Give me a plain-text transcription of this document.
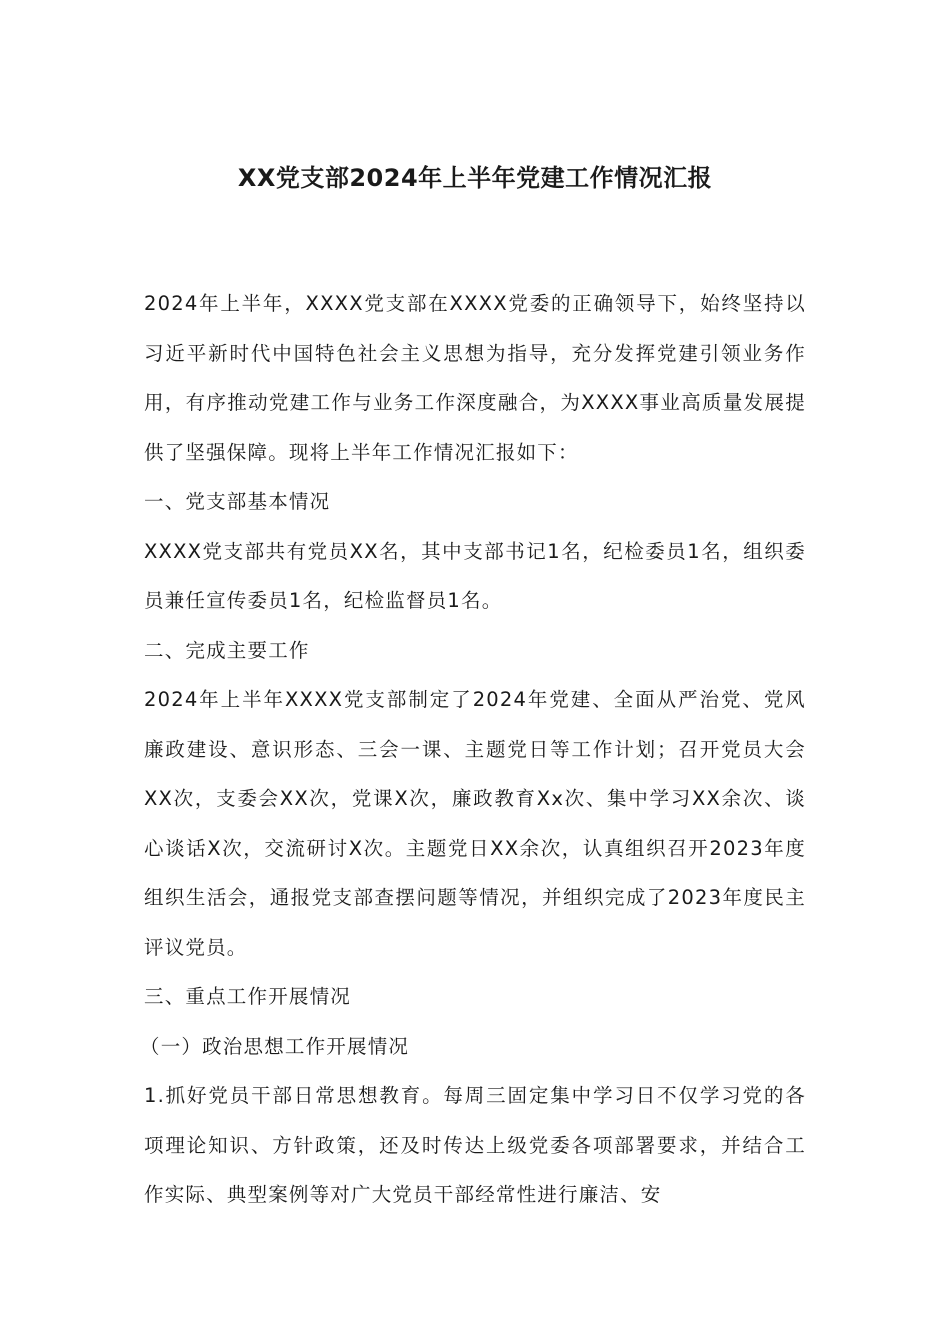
XX党支部2024年上半年党建工作情况汇报

2024年上半年，XXXX党支部在XXXX党委的正确领导下，始终坚持以习近平新时代中国特色社会主义思想为指导，充分发挥党建引领业务作用，有序推动党建工作与业务工作深度融合，为XXXX事业高质量发展提供了坚强保障。现将上半年工作情况汇报如下：

一、党支部基本情况

XXXX党支部共有党员XX名，其中支部书记1名，纪检委员1名，组织委员兼任宣传委员1名，纪检监督员1名。

二、完成主要工作

2024年上半年XXXX党支部制定了2024年党建、全面从严治党、党风廉政建设、意识形态、三会一课、主题党日等工作计划；召开党员大会XX次，支委会XX次，党课X次，廉政教育Xx次、集中学习XX余次、谈心谈话X次，交流研讨X次。主题党日XX余次，认真组织召开2023年度组织生活会，通报党支部查摆问题等情况，并组织完成了2023年度民主评议党员。

三、重点工作开展情况

（一）政治思想工作开展情况

1.抓好党员干部日常思想教育。每周三固定集中学习日不仅学习党的各项理论知识、方针政策，还及时传达上级党委各项部署要求，并结合工作实际、典型案例等对广大党员干部经常性进行廉洁、安
